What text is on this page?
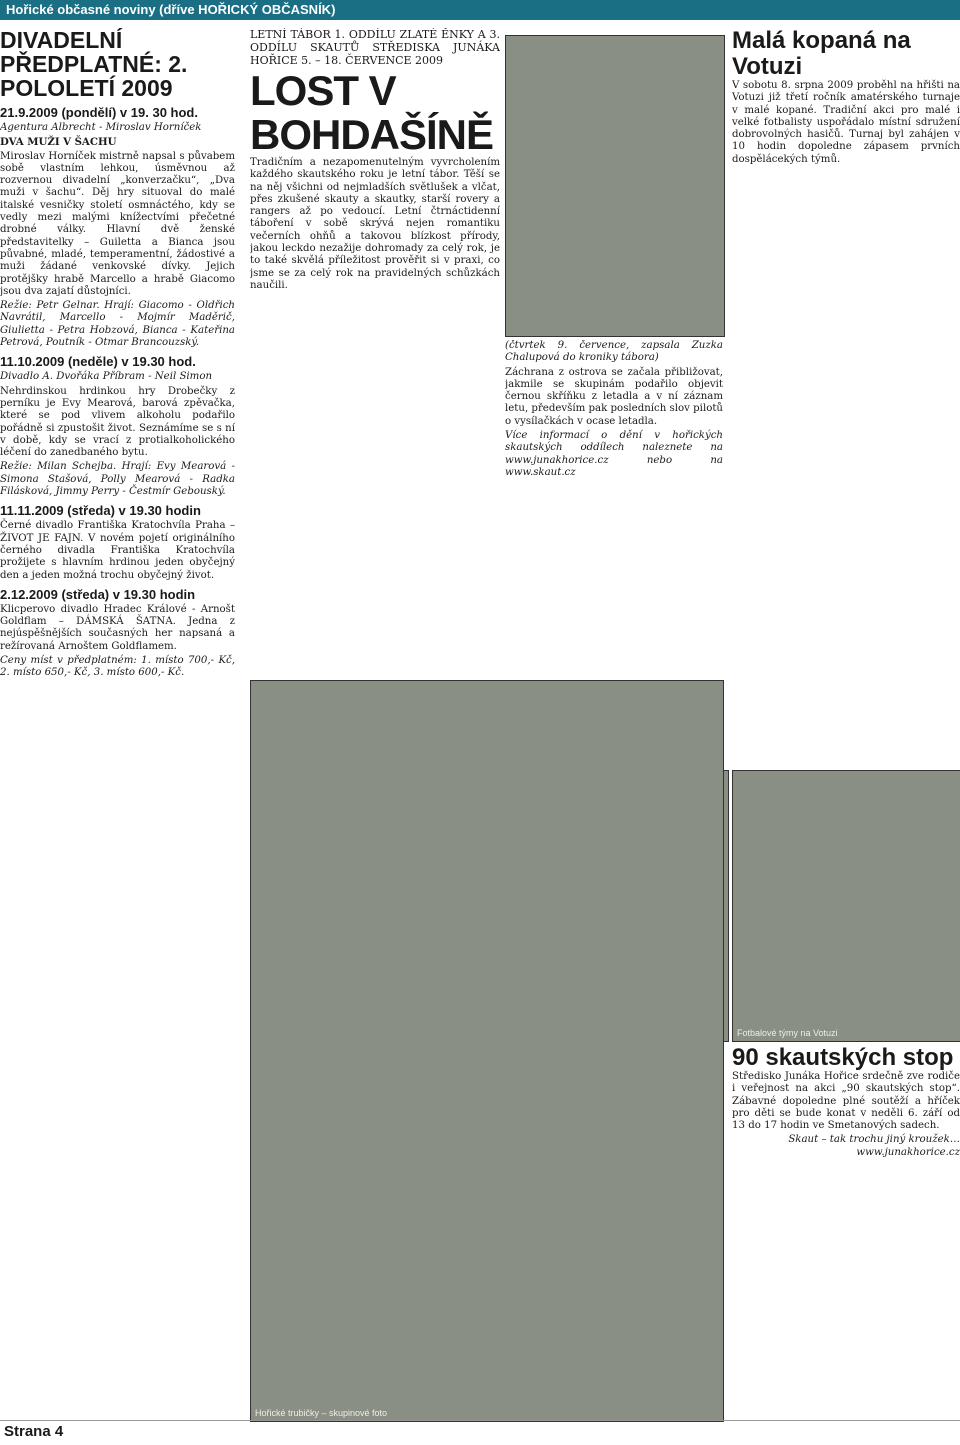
Hořické občasné noviny (dříve HOŘICKÝ OBČASNÍK)
DIVADELNÍ PŘEDPLATNÉ: 2. POLOLETÍ 2009
21.9.2009 (pondělí) v 19. 30 hod.

Agentura Albrecht - Miroslav Horníček

DVA MUŽI V ŠACHU

Miroslav Horníček mistrně napsal s půvabem sobě vlastním lehkou, úsměvnou až rozvernou divadelní „konverzačku“, „Dva muži v šachu“. Děj hry situoval do malé italské vesničky století osmnáctého, kdy se vedly mezi malými knížectvími přečetné drobné války. Hlavní dvě ženské představitelky – Guiletta a Bianca jsou půvabné, mladé, temperamentní, žádostivé a muži žádané venkovské dívky. Jejich protějšky hrabě Marcello a hrabě Giacomo jsou dva zajatí důstojníci.

Režie: Petr Gelnar. Hrají: Giacomo - Oldřich Navrátil, Marcello - Mojmír Maděrič, Giulietta - Petra Hobzová, Bianca - Kateřina Petrová, Poutník - Otmar Brancouzský.

11.10.2009 (neděle) v 19.30 hod.

Divadlo A. Dvořáka Příbram - Neil Simon

Nehrdinskou hrdinkou hry Drobečky z perníku je Evy Mearová, barová zpěvačka, které se pod vlivem alkoholu podařilo pořádně si zpustošit život. Seznámíme se s ní v době, kdy se vrací z protialkoholického léčení do zanedbaného bytu.

Režie: Milan Schejba. Hrají: Evy Mearová - Simona Stašová, Polly Mearová - Radka Filásková, Jimmy Perry - Čestmír Gebouský.

11.11.2009 (středa) v 19.30 hodin

Černé divadlo Františka Kratochvíla Praha – ŽIVOT JE FAJN. V novém pojetí originálního černého divadla Františka Kratochvíla prožijete s hlavním hrdinou jeden obyčejný den a jeden možná trochu obyčejný život.

2.12.2009 (středa) v 19.30 hodin

Klicperovo divadlo Hradec Králové - Arnošt Goldflam – DÁMSKÁ ŠATNA. Jedna z nejúspěšnějších současných her napsaná a režírovaná Arnoštem Goldflamem.

Ceny míst v předplatném: 1. místo 700,- Kč, 2. místo 650,- Kč, 3. místo 600,- Kč.

LETNÍ TÁBOR 1. ODDÍLU ZLATÉ ĚNKY A 3. ODDÍLU SKAUTŮ STŘEDISKA JUNÁKA HOŘICE 5. – 18. ČERVENCE 2009

LOST V BOHDAŠÍNĚ

Tradičním a nezapomenutelným vyvrcholením každého skautského roku je letní tábor. Těší se na něj všichni od nejmladších světlušek a vlčat, přes zkušené skauty a skautky, starší rovery a rangers až po vedoucí. Letní čtrnáctidenní táboření v sobě skrývá nejen romantiku večerních ohňů a takovou blízkost přírody, jakou leckdo nezažije dohromady za celý rok, je to také skvělá příležitost prověřit si v praxi, co jsme se za celý rok na pravidelných schůzkách naučili.

(čtvrtek 9. července, zapsala Zuzka Chalupová do kroniky tábora)

Záchrana z ostrova se začala přibližovat, jakmile se skupinám podařilo objevit černou skříňku z letadla a v ní záznam letu, především pak posledních slov pilotů o vysílačkách v ocase letadla.

Více informací o dění v hořických skautských oddílech naleznete na www.junakhorice.cz nebo na www.skaut.cz

Malá kopaná na Votuzi

V sobotu 8. srpna 2009 proběhl na hřišti na Votuzi již třetí ročník amatérského turnaje v malé kopané. Tradiční akci pro malé i velké fotbalisty uspořádalo místní sdružení dobrovolných hasičů. Turnaj byl zahájen v 10 hodin dopoledne zápasem prvních dospělácekých týmů.

Fotbalové týmy na Votuzi
Hořické trubičky – skupinové foto
90 skautských stop

Středisko Junáka Hořice srdečně zve rodiče i veřejnost na akci „90 skautských stop“. Zábavné dopoledne plné soutěží a hříček pro děti se bude konat v neděli 6. září od 13 do 17 hodin ve Smetanových sadech.

Skaut – tak trochu jiný kroužek… www.junakhorice.cz

Strana 4
